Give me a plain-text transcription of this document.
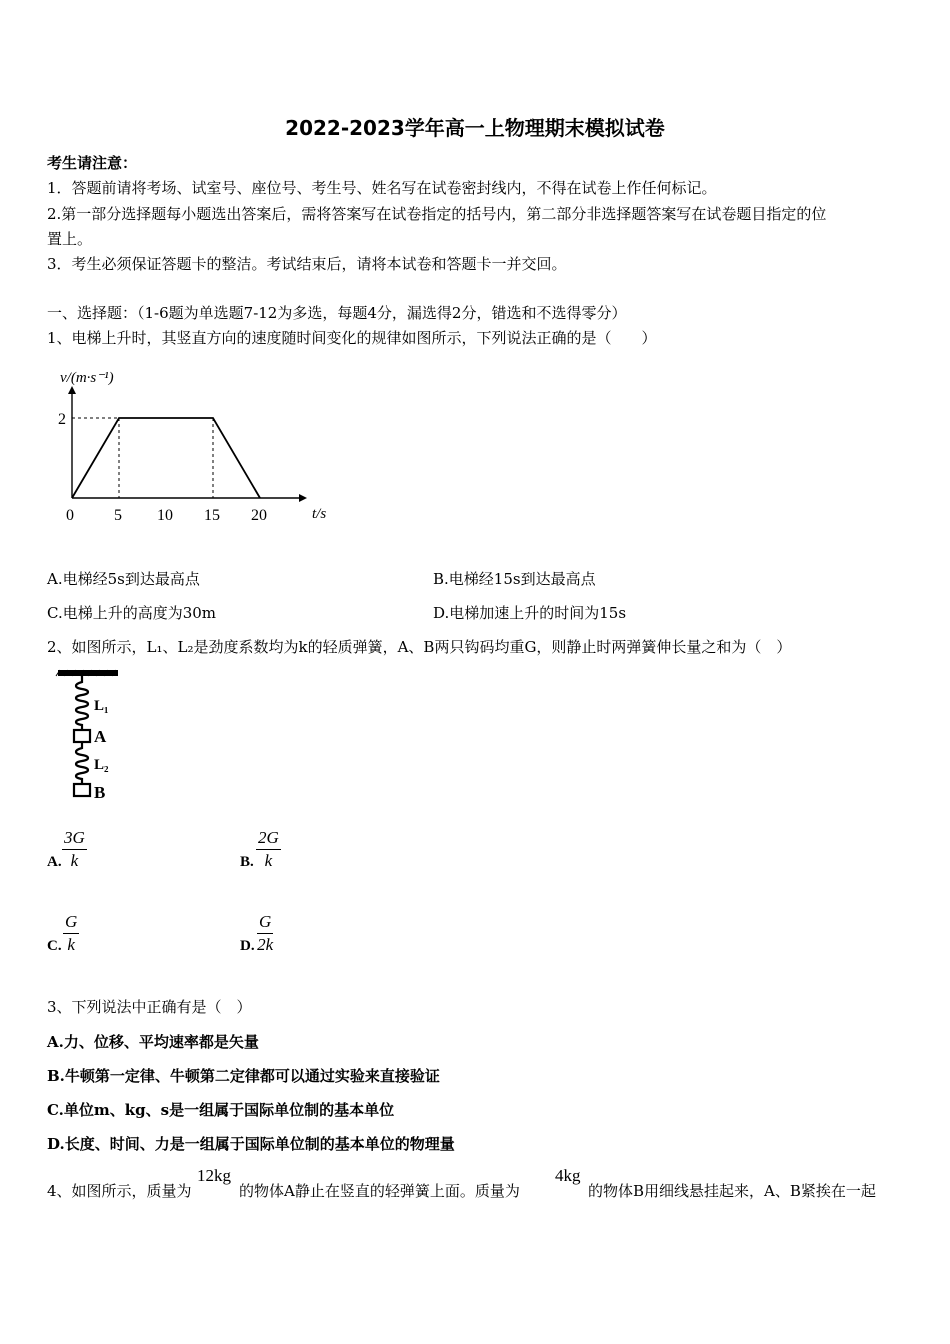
2022-2023学年高一上物理期末模拟试卷
考生请注意：
1．答题前请将考场、试室号、座位号、考生号、姓名写在试卷密封线内，不得在试卷上作任何标记。
2.第一部分选择题每小题选出答案后，需将答案写在试卷指定的括号内，第二部分非选择题答案写在试卷题目指定的位
置上。
3．考生必须保证答题卡的整洁。考试结束后，请将本试卷和答题卡一并交回。
一、选择题：（1-6题为单选题7-12为多选，每题4分，漏选得2分，错选和不选得零分）
1、电梯上升时，其竖直方向的速度随时间变化的规律如图所示，下列说法正确的是（　　）
0	5 10 15 20
2
t/s
v/(m·s⁻¹)
A.电梯经5s到达最高点	B.电梯经15s到达最高点
C.电梯上升的高度为30m	D.电梯加速上升的时间为15s
2、如图所示，L₁、L₂是劲度系数均为k的轻质弹簧，A、B两只钩码均重G，则静止时两弹簧伸长量之和为（　）
L₁
A
L₂
B
A. $\frac{3G}{k}$	B. $\frac{2G}{k}$
C. $\frac{G}{k}$	D. $\frac{G}{2k}$
3、下列说法中正确有是（　）
A.力、位移、平均速率都是矢量
B.牛顿第一定律、牛顿第二定律都可以通过实验来直接验证
C.单位m、kg、s是一组属于国际单位制的基本单位
D.长度、时间、力是一组属于国际单位制的基本单位的物理量
4、如图所示，质量为
12kg
的物体A静止在竖直的轻弹簧上面。质量为
4kg
的物体B用细线悬挂起来，A、B紧挨在一起
